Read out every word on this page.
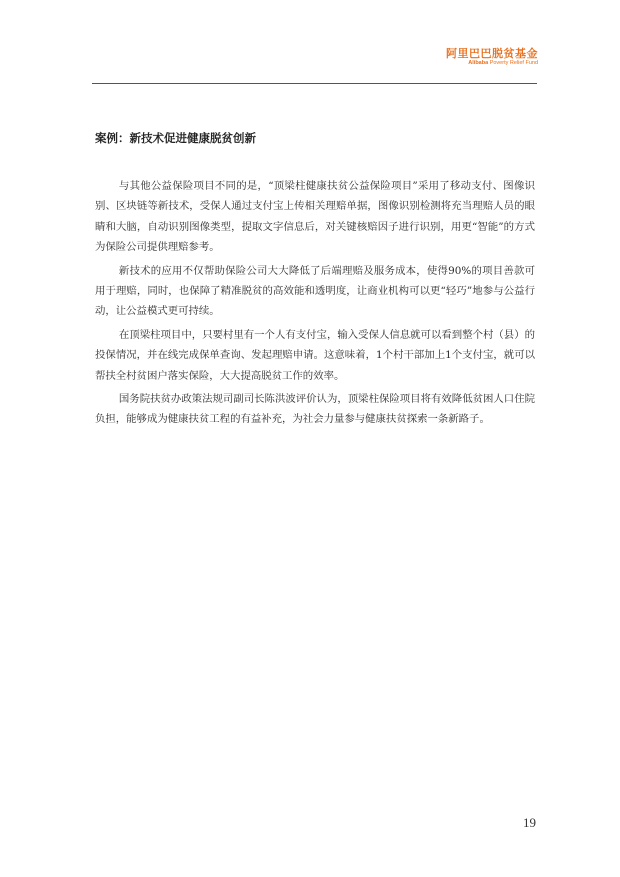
阿里巴巴脱贫基金
Alibaba Poverty Relief Fund
案例：新技术促进健康脱贫创新

与其他公益保险项目不同的是，“顶梁柱健康扶贫公益保险项目”采用了移动支付、图像识别、区块链等新技术，受保人通过支付宝上传相关理赔单据，图像识别检测将充当理赔人员的眼睛和大脑，自动识别图像类型，提取文字信息后，对关键核赔因子进行识别，用更“智能”的方式为保险公司提供理赔参考。

新技术的应用不仅帮助保险公司大大降低了后端理赔及服务成本，使得90%的项目善款可用于理赔，同时，也保障了精准脱贫的高效能和透明度，让商业机构可以更“轻巧”地参与公益行动，让公益模式更可持续。

在顶梁柱项目中，只要村里有一个人有支付宝，输入受保人信息就可以看到整个村（县）的投保情况，并在线完成保单查询、发起理赔申请。这意味着，1个村干部加上1个支付宝，就可以帮扶全村贫困户落实保险，大大提高脱贫工作的效率。

国务院扶贫办政策法规司副司长陈洪波评价认为，顶梁柱保险项目将有效降低贫困人口住院负担，能够成为健康扶贫工程的有益补充，为社会力量参与健康扶贫探索一条新路子。

19
